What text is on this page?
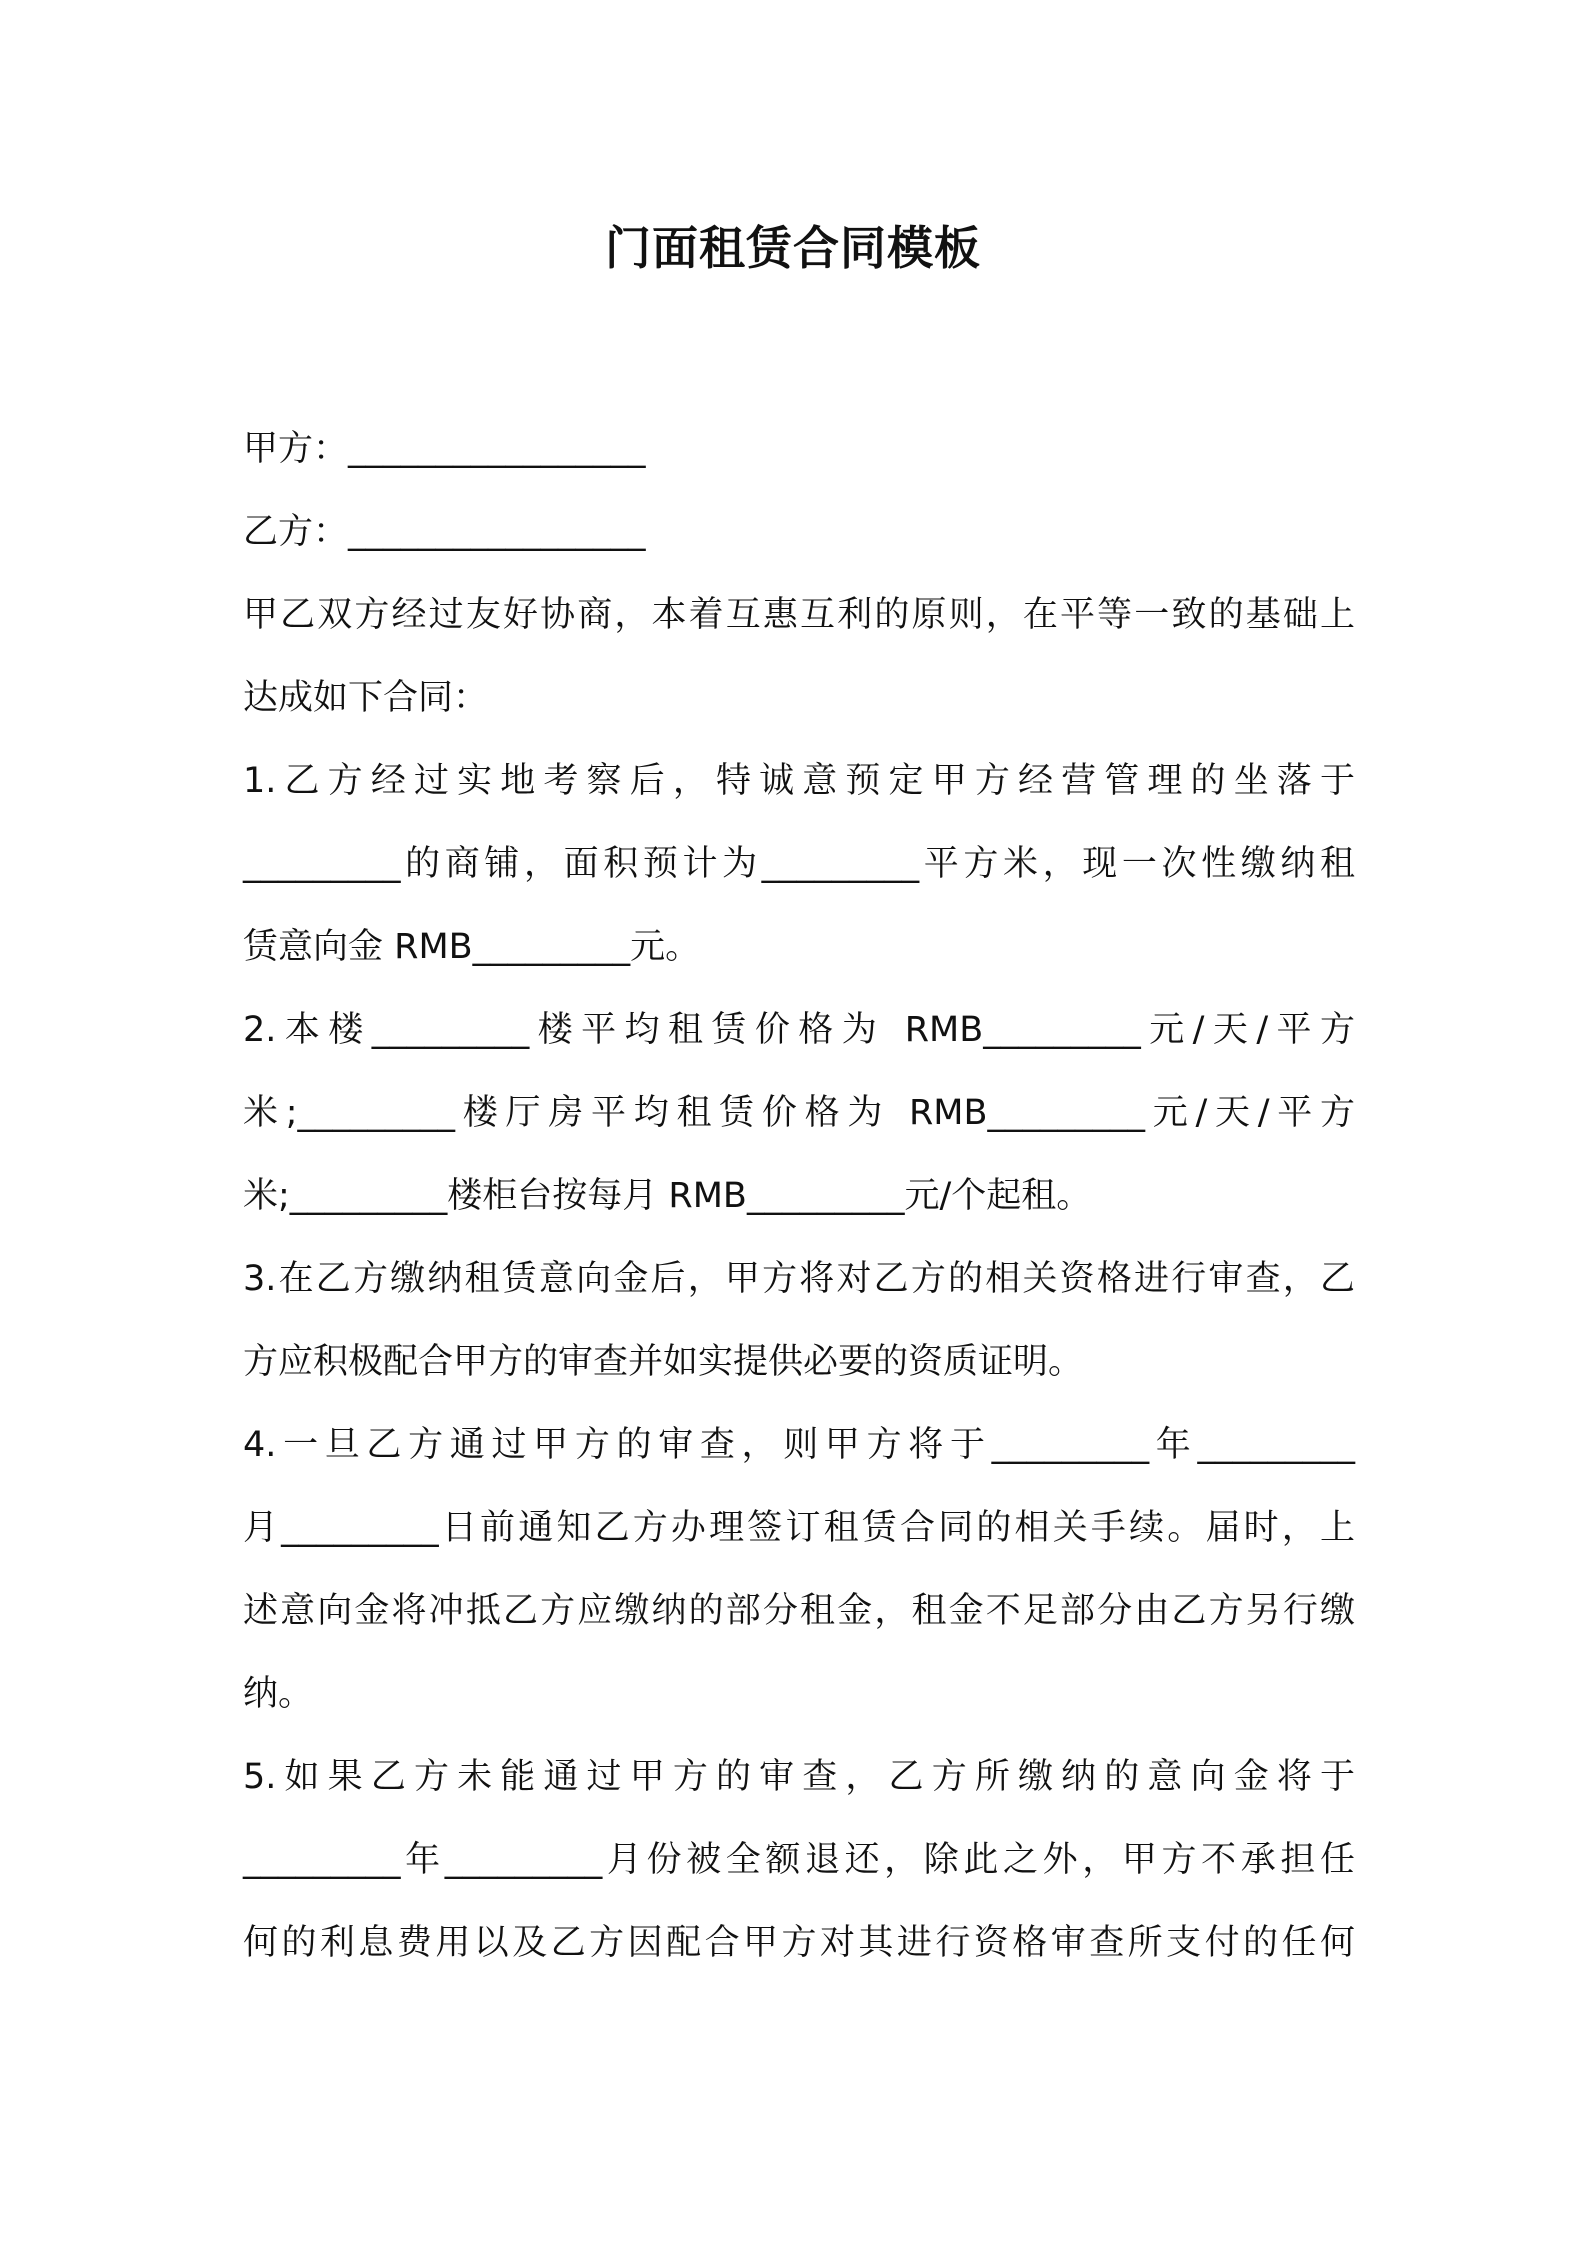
门面租赁合同模板
甲方：_________________
乙方：_________________
甲乙双方经过友好协商，本着互惠互利的原则，在平等一致的基础上
达成如下合同：
1.乙方经过实地考察后，特诚意预定甲方经营管理的坐落于
_________的商铺，面积预计为_________平方米，现一次性缴纳租
赁意向金 RMB_________元。
2.本楼_________楼平均租赁价格为 RMB_________元/天/平方
米;_________楼厅房平均租赁价格为 RMB_________元/天/平方
米;_________楼柜台按每月 RMB_________元/个起租。
3.在乙方缴纳租赁意向金后，甲方将对乙方的相关资格进行审查，乙
方应积极配合甲方的审查并如实提供必要的资质证明。
4.一旦乙方通过甲方的审查，则甲方将于_________年_________
月_________日前通知乙方办理签订租赁合同的相关手续。届时，上
述意向金将冲抵乙方应缴纳的部分租金，租金不足部分由乙方另行缴
纳。
5.如果乙方未能通过甲方的审查，乙方所缴纳的意向金将于
_________年_________月份被全额退还，除此之外，甲方不承担任
何的利息费用以及乙方因配合甲方对其进行资格审查所支付的任何
